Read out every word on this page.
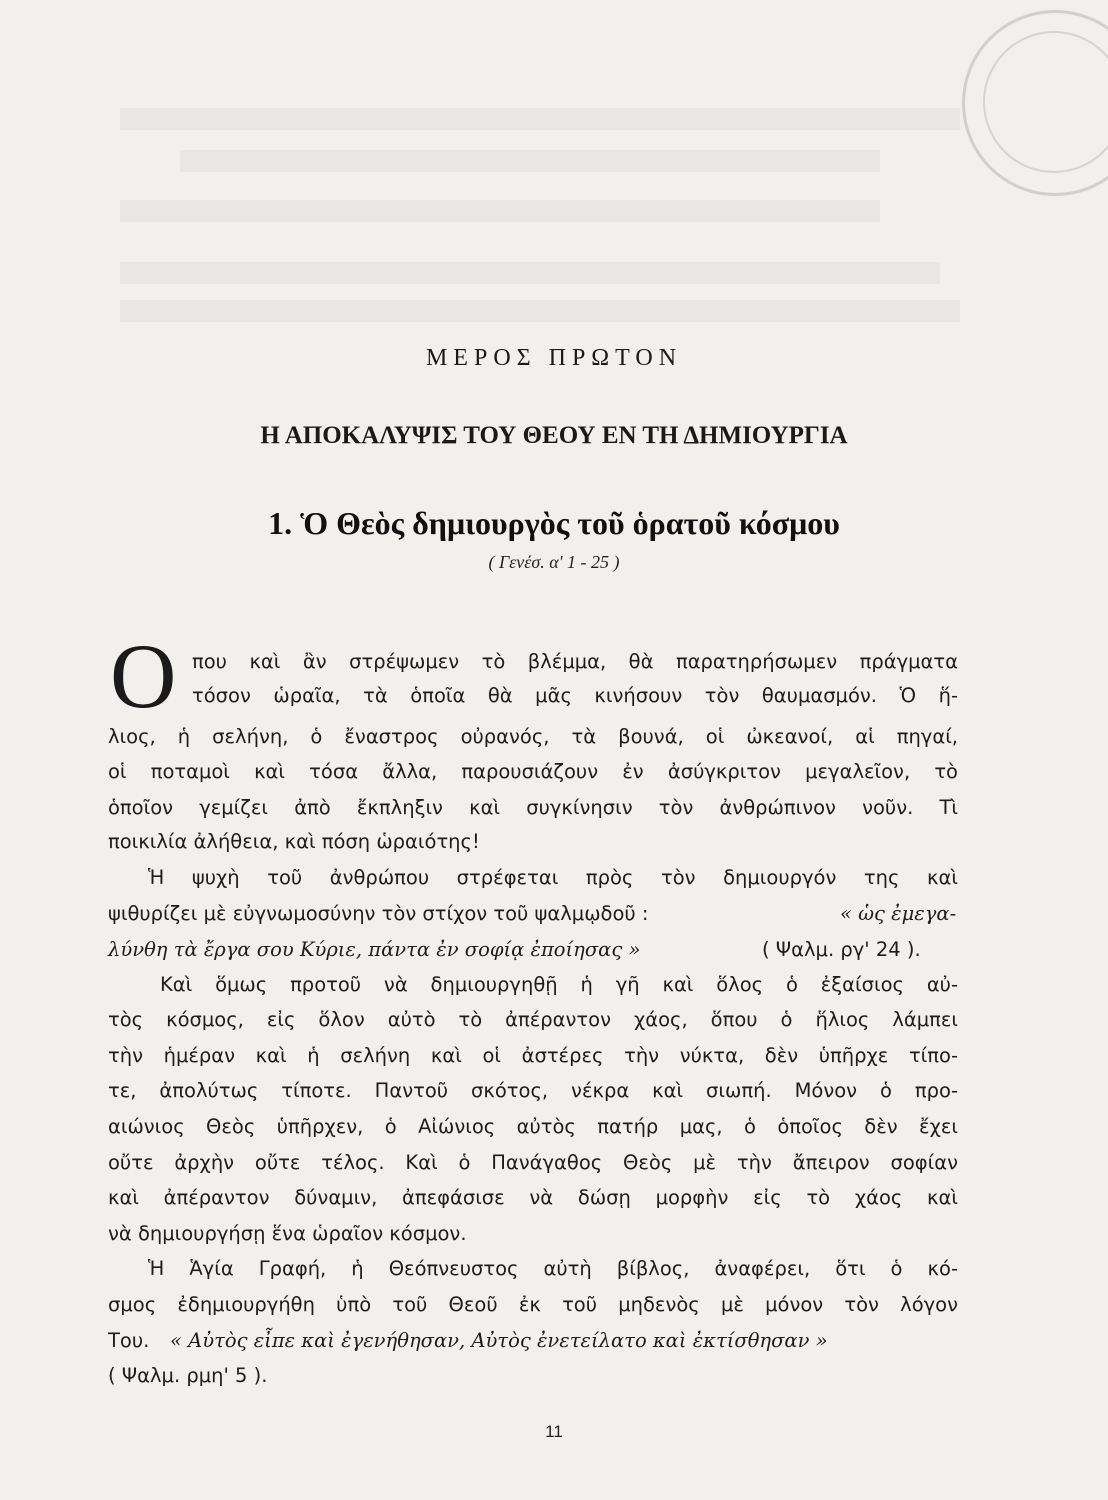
ΜΕΡΟΣ ΠΡΩΤΟΝ
Η ΑΠΟΚΑΛΥΨΙΣ ΤΟΥ ΘΕΟΥ ΕΝ ΤΗ ΔΗΜΙΟΥΡΓΙΑ
1. Ὁ Θεὸς δημιουργὸς τοῦ ὁρατοῦ κόσμου
( Γενέσ. α' 1 - 25 )
Ο που καὶ ἂν στρέψωμεν τὸ βλέμμα, θὰ παρατηρήσωμεν πράγματα
τόσον ὡραῖα, τὰ ὁποῖα θὰ μᾶς κινήσουν τὸν θαυμασμόν. Ὁ ἥ-
λιος, ἡ σελήνη, ὁ ἔναστρος οὐρανός, τὰ βουνά, οἱ ὠκεανοί, αἱ πηγαί,
οἱ ποταμοὶ καὶ τόσα ἄλλα, παρουσιάζουν ἐν ἀσύγκριτον μεγαλεῖον, τὸ
ὁποῖον γεμίζει ἀπὸ ἔκπληξιν καὶ συγκίνησιν τὸν ἀνθρώπινον νοῦν. Τὶ
ποικιλία ἀλήθεια, καὶ πόση ὡραιότης!
Ἡ ψυχὴ τοῦ ἀνθρώπου στρέφεται πρὸς τὸν δημιουργόν της καὶ
ψιθυρίζει μὲ εὐγνωμοσύνην τὸν στίχον τοῦ ψαλμῳδοῦ :	« ὡς ἐμεγα-
λύνθη τὰ ἔργα σου Κύριε, πάντα ἐν σοφίᾳ ἐποίησας »	( Ψαλμ. ργ' 24 ).
Καὶ ὅμως προτοῦ νὰ δημιουργηθῇ ἡ γῆ καὶ ὅλος ὁ ἐξαίσιος αὐ-
τὸς κόσμος, εἰς ὅλον αὐτὸ τὸ ἀπέραντον χάος, ὅπου ὁ ἥλιος λάμπει
τὴν ἡμέραν καὶ ἡ σελήνη καὶ οἱ ἀστέρες τὴν νύκτα, δὲν ὑπῆρχε τίπο-
τε, ἀπολύτως τίποτε. Παντοῦ σκότος, νέκρα καὶ σιωπή. Μόνον ὁ προ-
αιώνιος Θεὸς ὑπῆρχεν, ὁ Αἰώνιος αὐτὸς πατήρ μας, ὁ ὁποῖος δὲν ἔχει
οὔτε ἀρχὴν οὔτε τέλος. Καὶ ὁ Πανάγαθος Θεὸς μὲ τὴν ἄπειρον σοφίαν
καὶ ἀπέραντον δύναμιν, ἀπεφάσισε νὰ δώσῃ μορφὴν εἰς τὸ χάος καὶ
νὰ δημιουργήσῃ ἕνα ὡραῖον κόσμον.
Ἡ Ἁγία Γραφή, ἡ Θεόπνευστος αὐτὴ βίβλος, ἀναφέρει, ὅτι ὁ κό-
σμος ἐδημιουργήθη ὑπὸ τοῦ Θεοῦ ἐκ τοῦ μηδενὸς μὲ μόνον τὸν λόγον
Του. « Αὐτὸς εἶπε καὶ ἐγενήθησαν, Αὐτὸς ἐνετείλατο καὶ ἐκτίσθησαν »
( Ψαλμ. ρμη' 5 ).
11
